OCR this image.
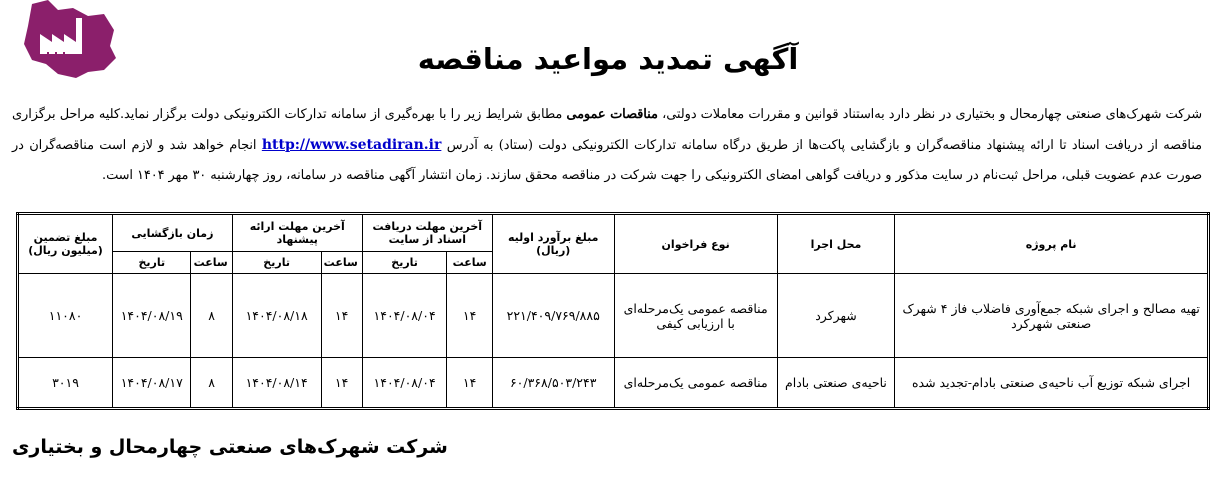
آگهی تمدید مواعید مناقصه
شرکت شهرک‌های صنعتی چهارمحال و بختیاری در نظر دارد به‌استناد قوانین و مقررات معاملات دولتی، مناقصات عمومی مطابق شرایط زیر را با بهره‌گیری از سامانه تدارکات الکترونیکی دولت برگزار نماید.کلیه مراحل برگزاری مناقصه از دریافت اسناد تا ارائه پیشنهاد مناقصه‌گران و بازگشایی پاکت‌ها از طریق درگاه سامانه تدارکات الکترونیکی دولت (ستاد) به آدرس http://www.setadiran.ir انجام خواهد شد و لازم است مناقصه‌گران در صورت عدم عضویت قبلی، مراحل ثبت‌نام در سایت مذکور و دریافت گواهی امضای الکترونیکی را جهت شرکت در مناقصه محقق سازند. زمان انتشار آگهی مناقصه در سامانه، روز چهارشنبه ۳۰ مهر ۱۴۰۴ است.
نام پروژه	محل اجرا	نوع فراخوان	مبلغ برآورد اولیه (ریال)	آخرین مهلت دریافت اسناد از سایت		آخرین مهلت ارائه پیشنهاد		زمان بازگشایی		مبلغ تضمین (میلیون ریال)
				ساعت	تاریخ	ساعت	تاریخ	ساعت	تاریخ	
تهیه مصالح و اجرای شبکه جمع‌آوری فاضلاب فاز ۴ شهرک صنعتی شهرکرد	شهرکرد	مناقصه عمومی یک‌مرحله‌ای با ارزیابی کیفی	۲۲۱/۴۰۹/۷۶۹/۸۸۵	۱۴	۱۴۰۴/۰۸/۰۴	۱۴	۱۴۰۴/۰۸/۱۸	۸	۱۴۰۴/۰۸/۱۹	۱۱۰۸۰
اجرای شبکه توزیع آب ناحیه‌ی صنعتی بادام-تجدید شده	ناحیه‌ی صنعتی بادام	مناقصه عمومی یک‌مرحله‌ای	۶۰/۳۶۸/۵۰۳/۲۴۳	۱۴	۱۴۰۴/۰۸/۰۴	۱۴	۱۴۰۴/۰۸/۱۴	۸	۱۴۰۴/۰۸/۱۷	۳۰۱۹
شرکت شهرک‌های صنعتی چهارمحال و بختیاری
